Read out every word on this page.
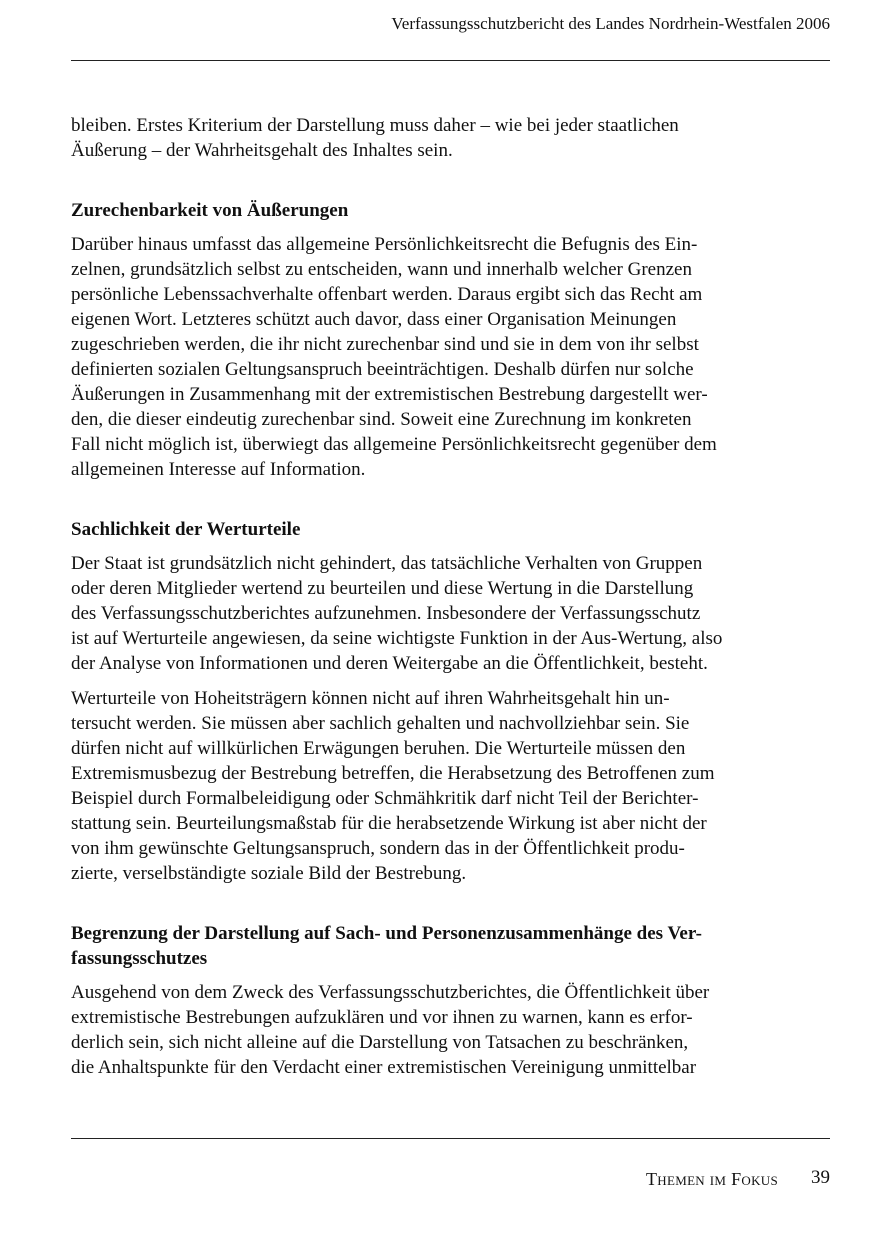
Verfassungsschutzbericht des Landes Nordrhein-Westfalen 2006

bleiben. Erstes Kriterium der Darstellung muss daher – wie bei jeder staatlichen
Äußerung – der Wahrheitsgehalt des Inhaltes sein.

Zurechenbarkeit von Äußerungen

Darüber hinaus umfasst das allgemeine Persönlichkeitsrecht die Befugnis des Ein-
zelnen, grundsätzlich selbst zu entscheiden, wann und innerhalb welcher Grenzen
persönliche Lebenssachverhalte offenbart werden. Daraus ergibt sich das Recht am
eigenen Wort. Letzteres schützt auch davor, dass einer Organisation Meinungen
zugeschrieben werden, die ihr nicht zurechenbar sind und sie in dem von ihr selbst
definierten sozialen Geltungsanspruch beeinträchtigen. Deshalb dürfen nur solche
Äußerungen in Zusammenhang mit der extremistischen Bestrebung dargestellt wer-
den, die dieser eindeutig zurechenbar sind. Soweit eine Zurechnung im konkreten
Fall nicht möglich ist, überwiegt das allgemeine Persönlichkeitsrecht gegenüber dem
allgemeinen Interesse auf Information.

Sachlichkeit der Werturteile

Der Staat ist grundsätzlich nicht gehindert, das tatsächliche Verhalten von Gruppen
oder deren Mitglieder wertend zu beurteilen und diese Wertung in die Darstellung
des Verfassungsschutzberichtes aufzunehmen. Insbesondere der Verfassungsschutz
ist auf Werturteile angewiesen, da seine wichtigste Funktion in der Aus-Wertung, also
der Analyse von Informationen und deren Weitergabe an die Öffentlichkeit, besteht.

Werturteile von Hoheitsträgern können nicht auf ihren Wahrheitsgehalt hin un-
tersucht werden. Sie müssen aber sachlich gehalten und nachvollziehbar sein. Sie
dürfen nicht auf willkürlichen Erwägungen beruhen. Die Werturteile müssen den
Extremismusbezug der Bestrebung betreffen, die Herabsetzung des Betroffenen zum
Beispiel durch Formalbeleidigung oder Schmähkritik darf nicht Teil der Berichter-
stattung sein. Beurteilungsmaßstab für die herabsetzende Wirkung ist aber nicht der
von ihm gewünschte Geltungsanspruch, sondern das in der Öffentlichkeit produ-
zierte, verselbständigte soziale Bild der Bestrebung.

Begrenzung der Darstellung auf Sach- und Personenzusammenhänge des Ver-
fassungsschutzes

Ausgehend von dem Zweck des Verfassungsschutzberichtes, die Öffentlichkeit über
extremistische Bestrebungen aufzuklären und vor ihnen zu warnen, kann es erfor-
derlich sein, sich nicht alleine auf die Darstellung von Tatsachen zu beschränken,
die Anhaltspunkte für den Verdacht einer extremistischen Vereinigung unmittelbar

Themen im Fokus 39
